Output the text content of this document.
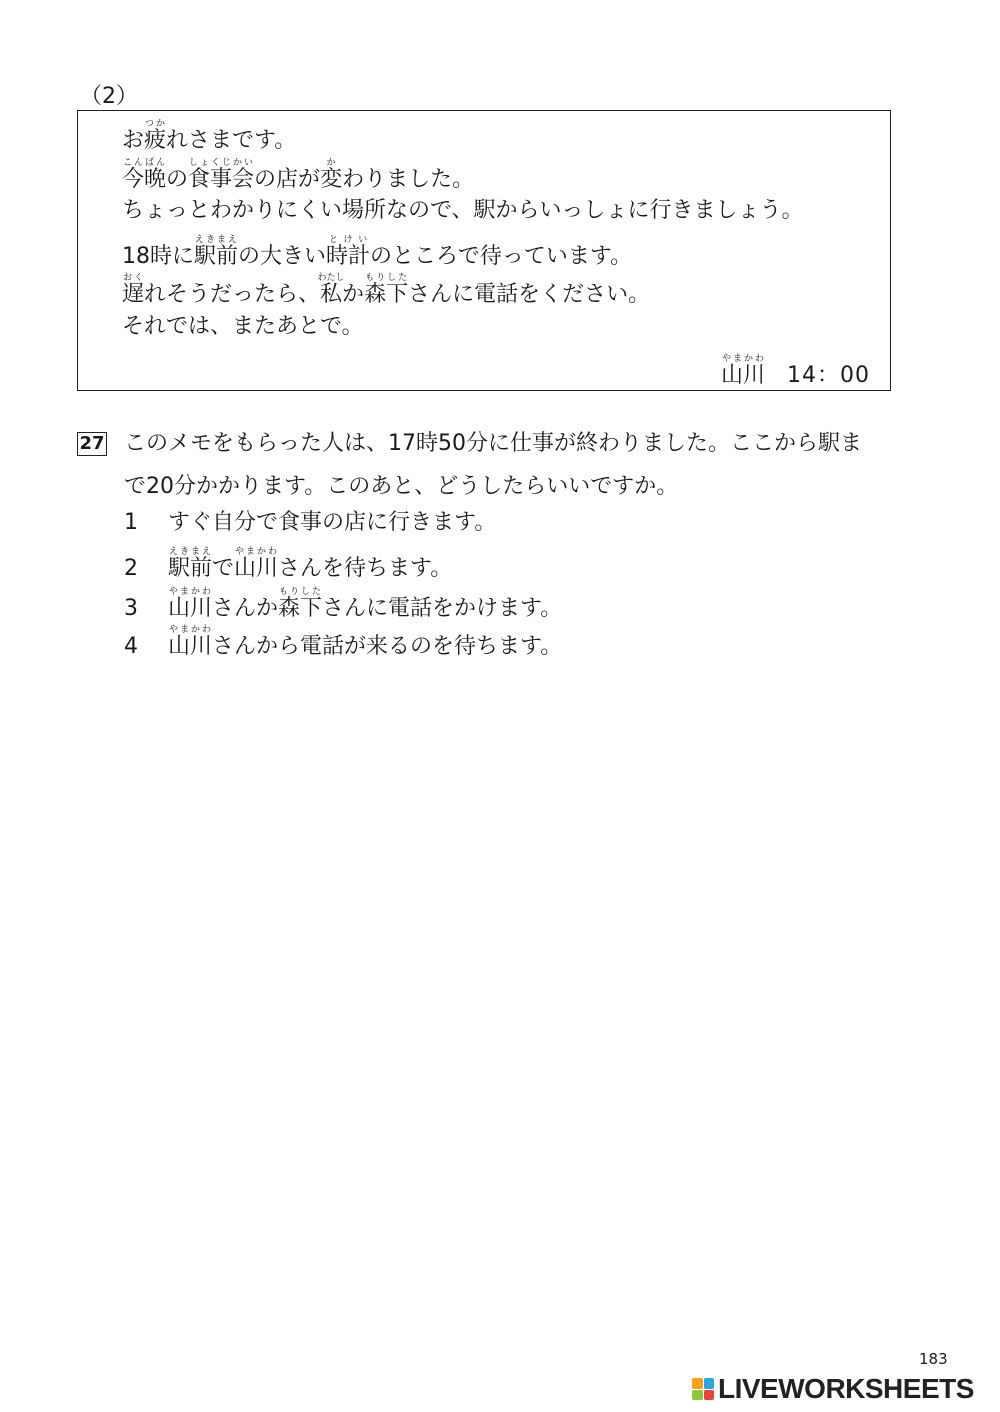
（2）
お疲つかれさまです。
今晩こんばんの食事会しょくじかいの店が変かわりました。
ちょっとわかりにくい場所なので、駅からいっしょに行きましょう。
18時に駅前えきまえの大きい時計とけいのところで待っています。
遅おくれそうだったら、私わたしか森下もりしたさんに電話をください。
それでは、またあとで。
山川やまかわ14：00
27 このメモをもらった人は、17時50分に仕事が終わりました。ここから駅ま
で20分かかります。このあと、どうしたらいいですか。
1 すぐ自分で食事の店に行きます。
2 駅前えきまえで山川やまかわさんを待ちます。
3 山川やまかわさんか森下もりしたさんに電話をかけます。
4 山川やまかわさんから電話が来るのを待ちます。
183
LIVEWORKSHEETS
